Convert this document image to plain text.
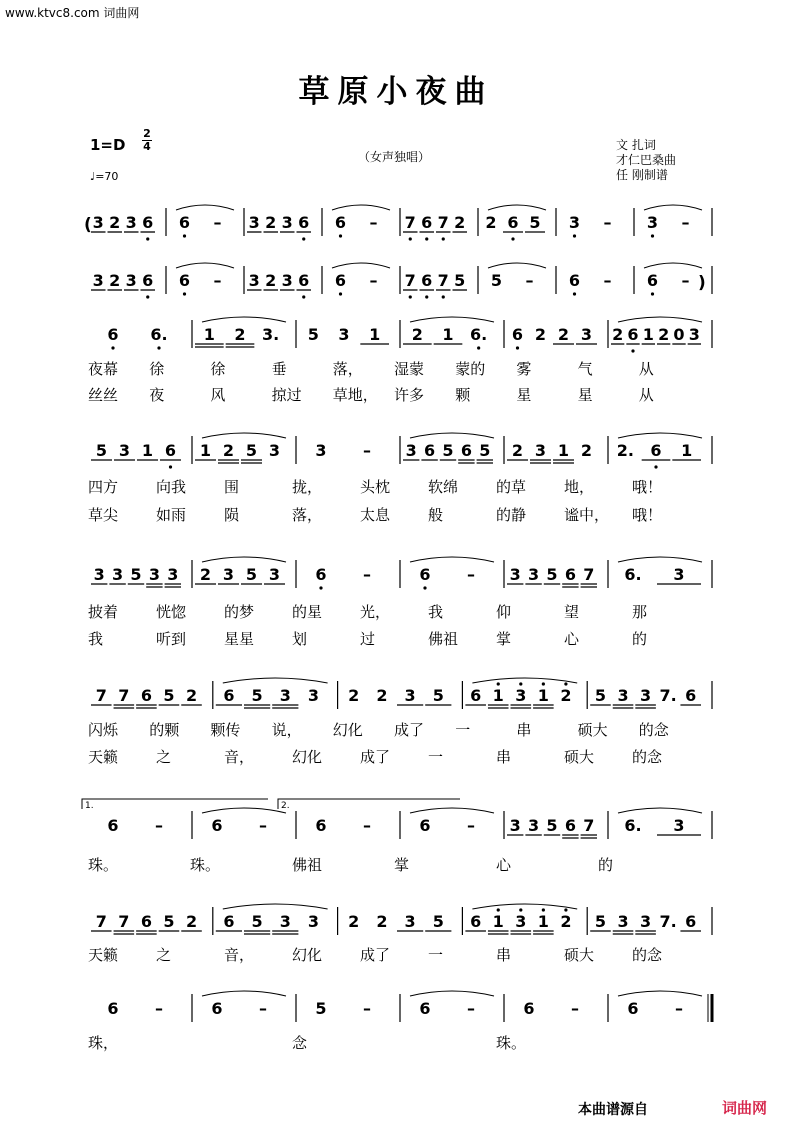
www.ktvc8.com 词曲网
草原小夜曲
1=D
2
4
♩=70
（女声独唱）
文 扎词
才仁巴桑曲
任 刚制谱
( 3 2 3 6 6 – 3 2 3 6 6 – 7 6 7 2 2 6 5 3 – 3 –
)
3 2 3 6 6 – 3 2 3 6 6 – 7 6 7 5 5 – 6 – 6 –
6 6. 1 2 3. 5 3 1 2 1 6. 6 2 2 3 2 6 1 2 0 3
5 3 1 6 1 2 5 3 3 – 3 6 5 6 5 2 3 1 2 2. 6 1
3 3 5 3 3 2 3 5 3 6 –	6 – 3 3 5 6 7 6. 3
7 7 6 5 2 6 5 3 3 2 2 3 5 6 1 3 1 2 5 3 3 7. 6
6 –	6 –	6 –	6 – 3 3 5 6 7 6. 3
1.	2.
7 7 6 5 2 6 5 3 3 2 2 3 5 6 1 3 1 2 5 3 3 7. 6
6 –	6 –	5 –	6 –	6 –	6 –
夜幕 徐	徐	垂	落， 湿蒙 蒙的 雾	气	从
丝丝 夜	风	掠过 草地， 许多 颗	星	星	从
四方	向我	围	拢，	头枕	软绵	的草	地，	哦！
草尖	如雨	陨	落，	太息	般	的静	谧中， 哦！
披着	恍惚	的梦	的星	光，	我	仰	望	那
我	听到	星星	划	过	佛祖	掌	心	的
闪烁 的颗 颗传 说， 幻化 成了 一	串	硕大 的念
天籁	之	音，	幻化	成了	一	串	硕大	的念
珠。	珠。	佛祖	掌	心	的
天籁	之	音，	幻化	成了	一	串	硕大	的念
珠，	念	珠。
本曲谱源自	词曲网
